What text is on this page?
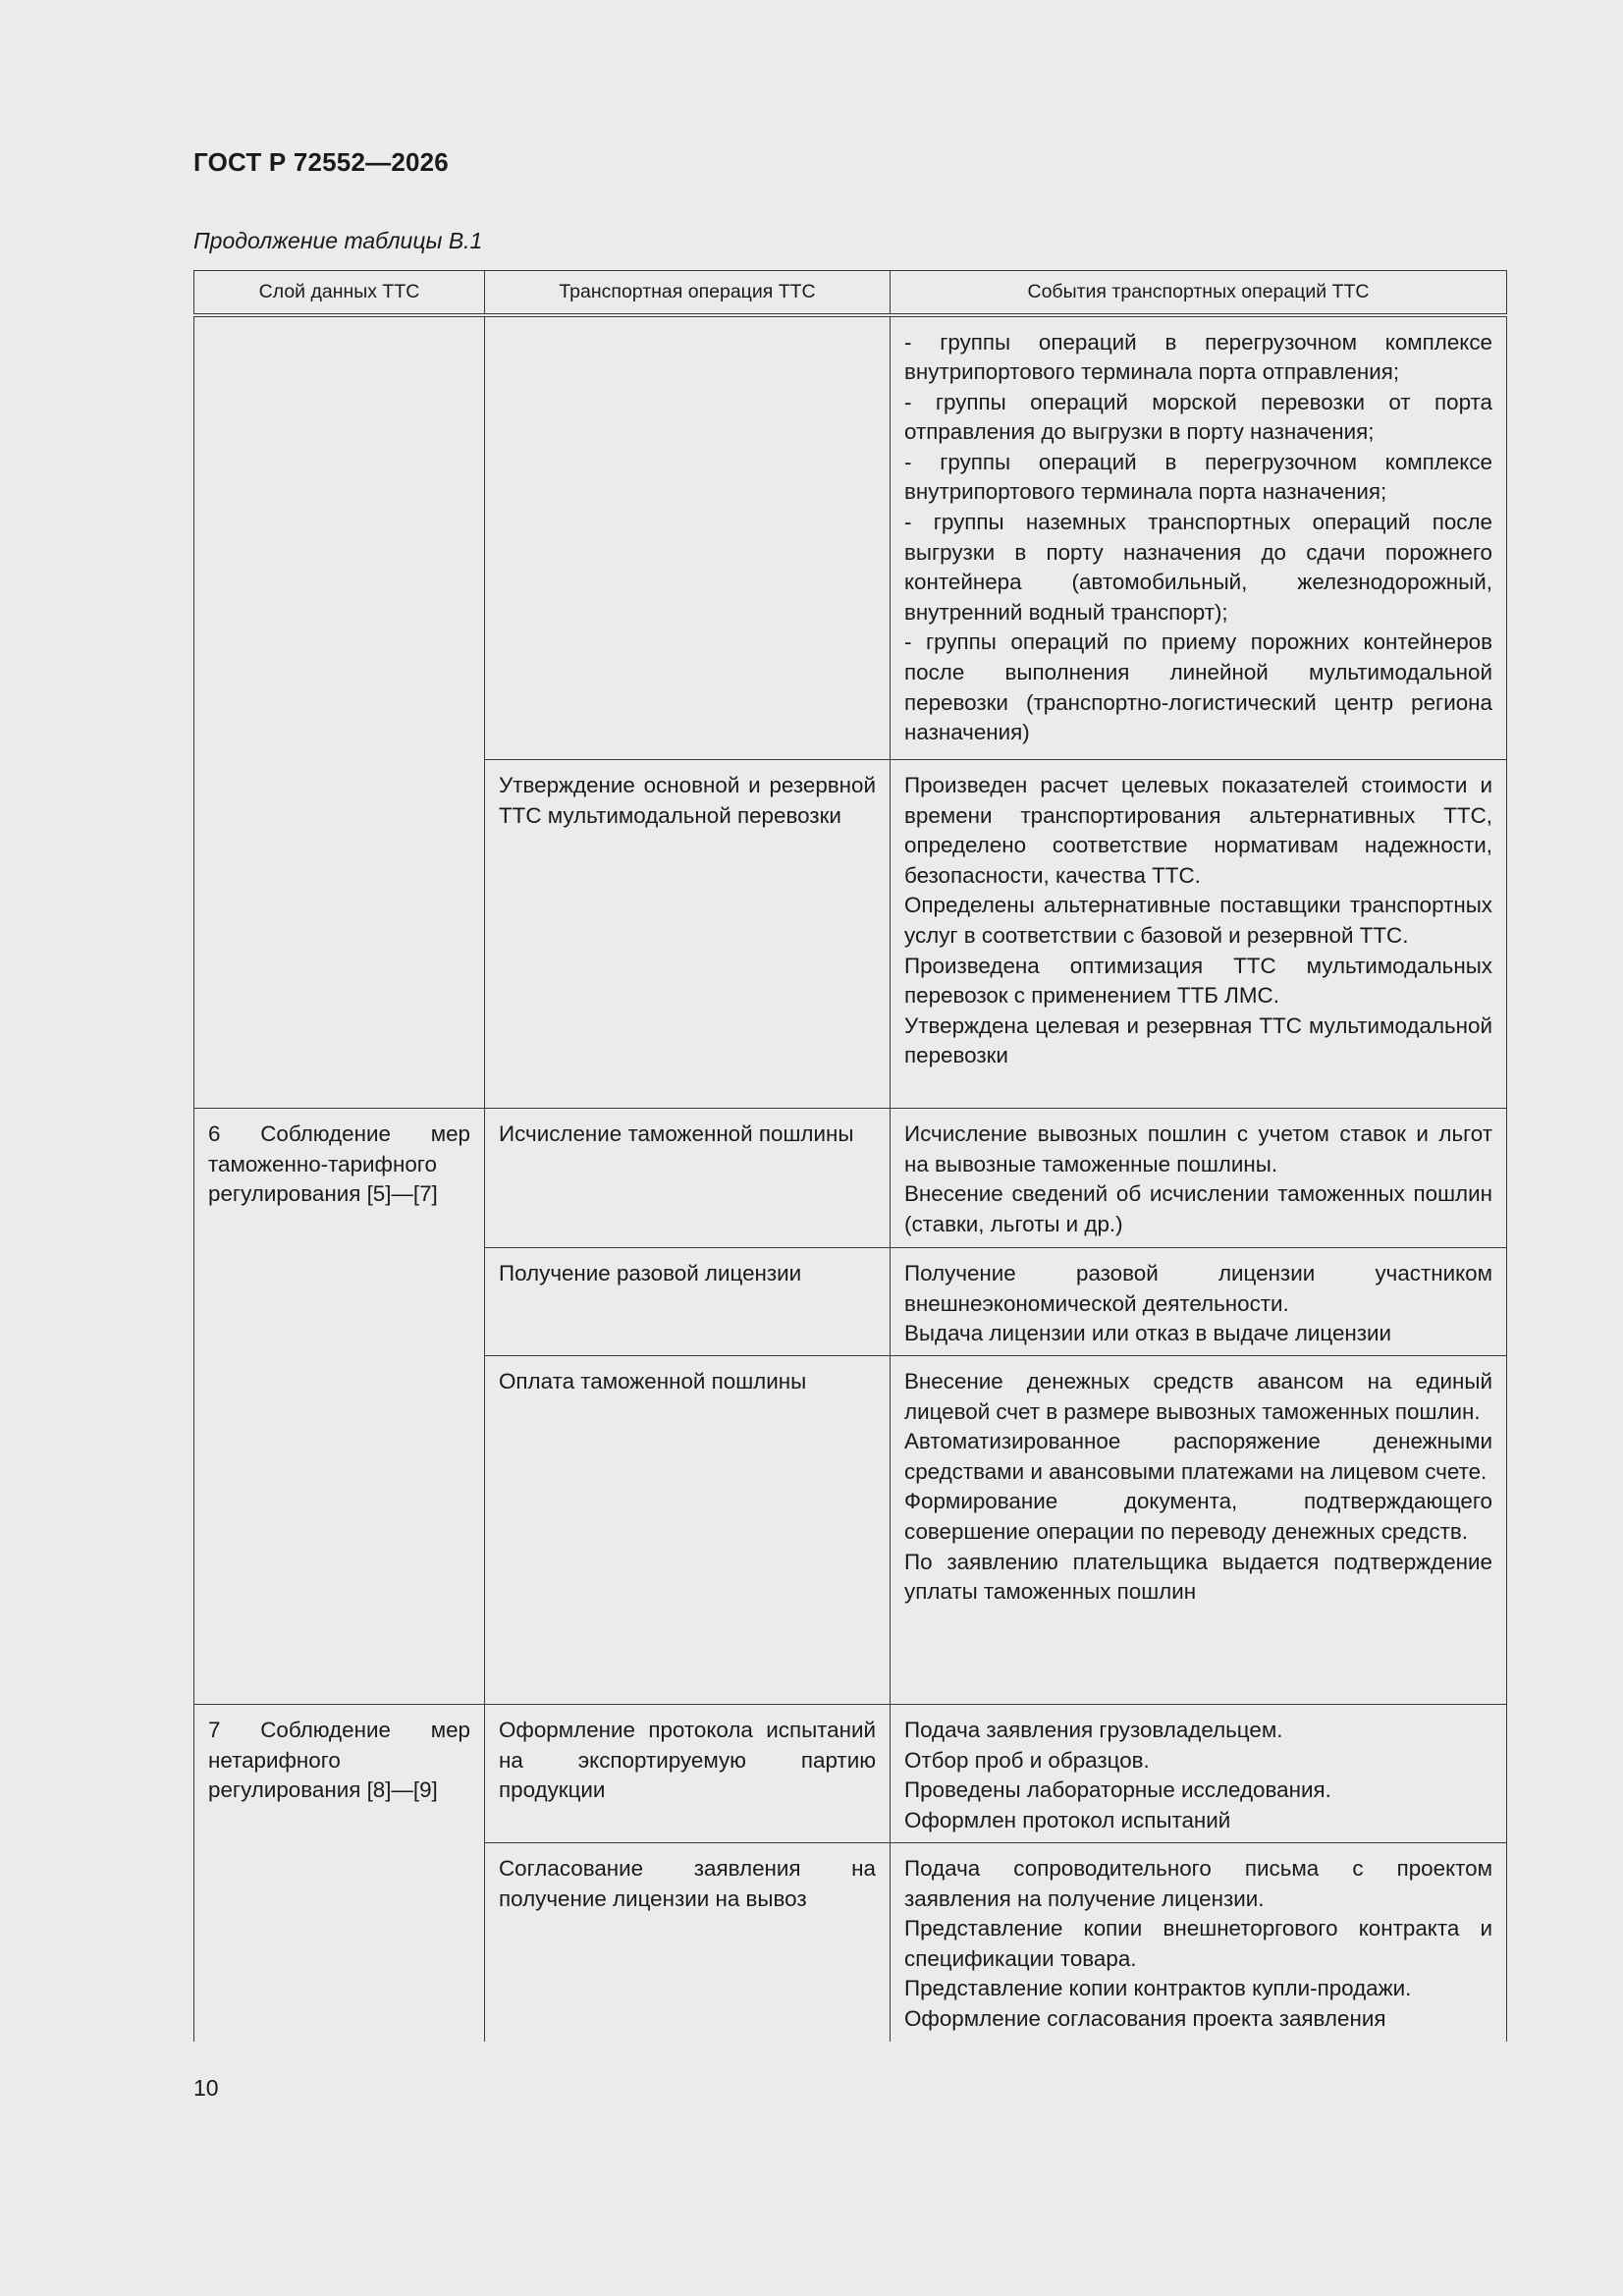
ГОСТ Р 72552—2026
Продолжение таблицы В.1
Слой данных ТТС	Транспортная операция ТТС	События транспортных операций ТТС

		- группы операций в перегрузочном комплексе внутрипортового терминала порта отправления;
- группы операций морской перевозки от порта отправления до выгрузки в порту назначения;
- группы операций в перегрузочном комплексе внутрипортового терминала порта назначения;
- группы наземных транспортных операций после выгрузки в порту назначения до сдачи порожнего контейнера (автомобильный, железнодорожный, внутренний водный транспорт);
- группы операций по приему порожних контейнеров после выполнения линейной мультимодальной перевозки (транспортно-логистический центр региона назначения)

	Утверждение основной и резервной ТТС мультимодальной перевозки	Произведен расчет целевых показателей стоимости и времени транспортирования альтернативных ТТС, определено соответствие нормативам надежности, безопасности, качества ТТС.
Определены альтернативные поставщики транспортных услуг в соответствии с базовой и резервной ТТС.
Произведена оптимизация ТТС мультимодальных перевозок с применением ТТБ ЛМС.
Утверждена целевая и резервная ТТС мультимодальной перевозки

6 Соблюдение мер таможенно-тарифного регулирования [5]—[7]	Исчисление таможенной пошлины	Исчисление вывозных пошлин с учетом ставок и льгот на вывозные таможенные пошлины.
Внесение сведений об исчислении таможенных пошлин (ставки, льготы и др.)

	Получение разовой лицензии	Получение разовой лицензии участником внешнеэкономической деятельности.
Выдача лицензии или отказ в выдаче лицензии

	Оплата таможенной пошлины	Внесение денежных средств авансом на единый лицевой счет в размере вывозных таможенных пошлин.
Автоматизированное распоряжение денежными средствами и авансовыми платежами на лицевом счете.
Формирование документа, подтверждающего совершение операции по переводу денежных средств.
По заявлению плательщика выдается подтверждение уплаты таможенных пошлин

7 Соблюдение мер нетарифного регулирования [8]—[9]	Оформление протокола испытаний на экспортируемую партию продукции	Подача заявления грузовладельцем.
Отбор проб и образцов.
Проведены лабораторные исследования.
Оформлен протокол испытаний

	Согласование заявления на получение лицензии на вывоз	Подача сопроводительного письма с проектом заявления на получение лицензии.
Представление копии внешнеторгового контракта и спецификации товара.
Представление копии контрактов купли-продажи.
Оформление согласования проекта заявления
10
